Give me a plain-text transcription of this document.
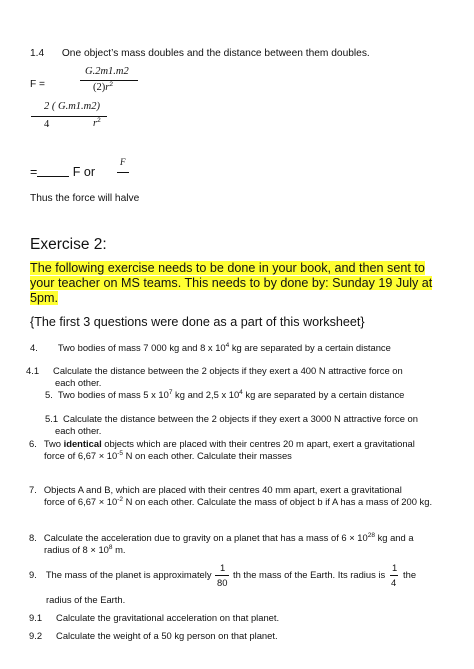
1.4 One object’s mass doubles and the distance between them doubles.
F =
G.2m1.m2
$(2)r^2$
2 ( G.m1.m2)
4	$r^2$
=	F or
F
Thus the force will halve
Exercise 2:
The following exercise needs to be done in your book, and then sent to your teacher on MS teams. This needs to by done by: Sunday 19 July at 5pm.
{The first 3 questions were done as a part of this worksheet}
4. Two bodies of mass 7 000 kg and 8 x $10^4$ kg are separated by a certain distance
4.1 Calculate the distance between the 2 objects if they exert a 400 N attractive force on
each other.
5. Two bodies of mass 5 x $10^7$ kg and 2,5 x $10^4$ kg are separated by a certain distance
5.1 Calculate the distance between the 2 objects if they exert a 3000 N attractive force on
each other.
6. Two identical objects which are placed with their centres 20 m apart, exert a gravitational
force of $6,67 \times 10^{-5}$ N on each other. Calculate their masses
7. Objects A and B, which are placed with their centres 40 mm apart, exert a gravitational
force of $6,67 \times 10^{-2}$ N on each other. Calculate the mass of object b if A has a mass of 200 kg.
8. Calculate the acceleration due to gravity on a planet that has a mass of $6 \times 10^{28}$ kg and a
radius of $8 \times 10^8$ m.
9. The mass of the planet is approximately
1
80
th the mass of the Earth. Its radius is
1
4
the
radius of the Earth.
9.1 Calculate the gravitational acceleration on that planet.
9.2 Calculate the weight of a 50 kg person on that planet.
